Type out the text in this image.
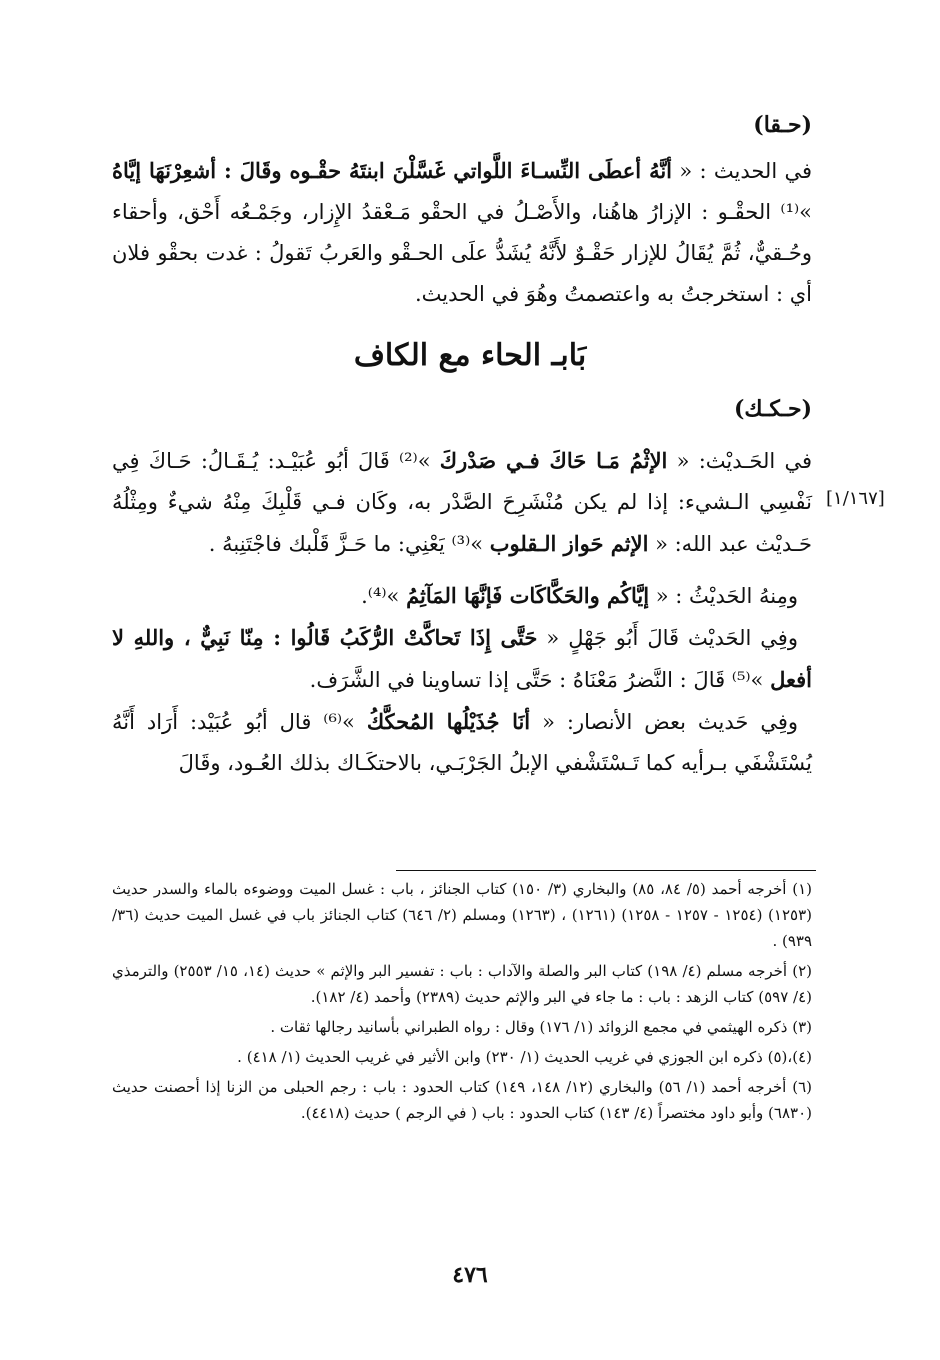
(حـقا)

في الحديث : « أنَّهُ أعطَى النِّسـاءَ اللَّواتي غَسَّلْنَ ابنتَهُ حقْـوه وقَالَ : أشعِرْنَهَا إيَّاهُ »⁽¹⁾ الحقْـو : الإزارُ هاهُنا، والأَصْـلُ في الحقْو مَـعْقدُ الإِزار، وجَمْـعُه أَحْق، وأحقاء وحُـقيٌّ، ثُمَّ يُقَالُ للإزار حَقْـوٌ لأَنَّهُ يُشَدُّ علَى الحـقْو والعَربُ تَقولُ : غدت بحقْو فلان أي : استخرجتُ به واعتصمتُ وهُوَ في الحديث.

بَابـ الحاء مع الكاف
(حـكـك)
[١/١٦٧]

في الحَـديْث: « الإثْمُ مَـا حَاكَ فـي صَدْركَ »⁽²⁾ قَالَ أبُو عُبَيْـد: يُـقَـالُ: حَـاكَ فِي نَفْسِي الـشيء: إذا لم يكن مُنْشَرِحَ الصَّدْر به، وكَان فـي قَلْبِكَ مِنْهُ شيءٌ ومِثْلُهُ حَـديْث عبد الله: « الإثم حَواز الـقلوب »⁽³⁾ يَعْنِي: ما حَـزَّ قَلْبك فاجْتَنِبهُ .

ومِنهُ الحَديْثُ : « إيَّاكُم والحَكَّاكَات فَإنَّهَا المَآثِمُ »⁽⁴⁾.

وفِي الحَديْث قَالَ أَبُو جَهْلٍ « حَتَّى إِذَا تَحاكَّتْ الرُّكَبُ قَالُوا : مِنّا نَبِيٌّ ، واللهِ لا أفعل »⁽⁵⁾ قَالَ : النَّضرُ مَعْنَاهُ : حَتَّى إذا تساوينا في الشَّرَف.

وفِي حَديث بعض الأنصار: « أنَا جُذَيْلُها المُحكَّكُ »⁽⁶⁾ قال أبُو عُبَيْد: أَرَاد أَنَّهُ يُسْتَشْفَي بـرأيه كما تَـسْتَشْفي الإبلُ الجَرْبَـي، بالاحتكَـاك بذلك العُـود، وقَالَ

(١) أخرجه أحمد (٥/ ٨٤، ٨٥) والبخاري (٣/ ١٥٠) كتاب الجنائز ، باب : غسل الميت ووضوءه بالماء والسدر حديث (١٢٥٣) (١٢٥٤ - ١٢٥٧ - ١٢٥٨) (١٢٦١) ، (١٢٦٣) ومسلم (٢/ ٦٤٦) كتاب الجنائز باب في غسل الميت حديث (٣٦/ ٩٣٩) .

(٢) أخرجه مسلم (٤/ ١٩٨) كتاب البر والصلة والآداب : باب : تفسير البر والإثم » حديث (١٤، ١٥/ ٢٥٥٣) والترمذي (٤/ ٥٩٧) كتاب الزهد : باب : ما جاء في البر والإثم حديث (٢٣٨٩) وأحمد (٤/ ١٨٢).

(٣) ذكره الهيثمي في مجمع الزوائد (١/ ١٧٦) وقال : رواه الطبراني بأسانيد رجالها ثقات .

(٤)،(٥) ذكره ابن الجوزي في غريب الحديث (١/ ٢٣٠) وابن الأثير في غريب الحديث (١/ ٤١٨) .

(٦) أخرجه أحمد (١/ ٥٦) والبخاري (١٢/ ١٤٨، ١٤٩) كتاب الحدود : باب : رجم الحبلى من الزنا إذا أحصنت حديث (٦٨٣٠) وأبو داود مختصراً (٤/ ١٤٣) كتاب الحدود : باب ( في الرجم ) حديث (٤٤١٨).

٤٧٦
